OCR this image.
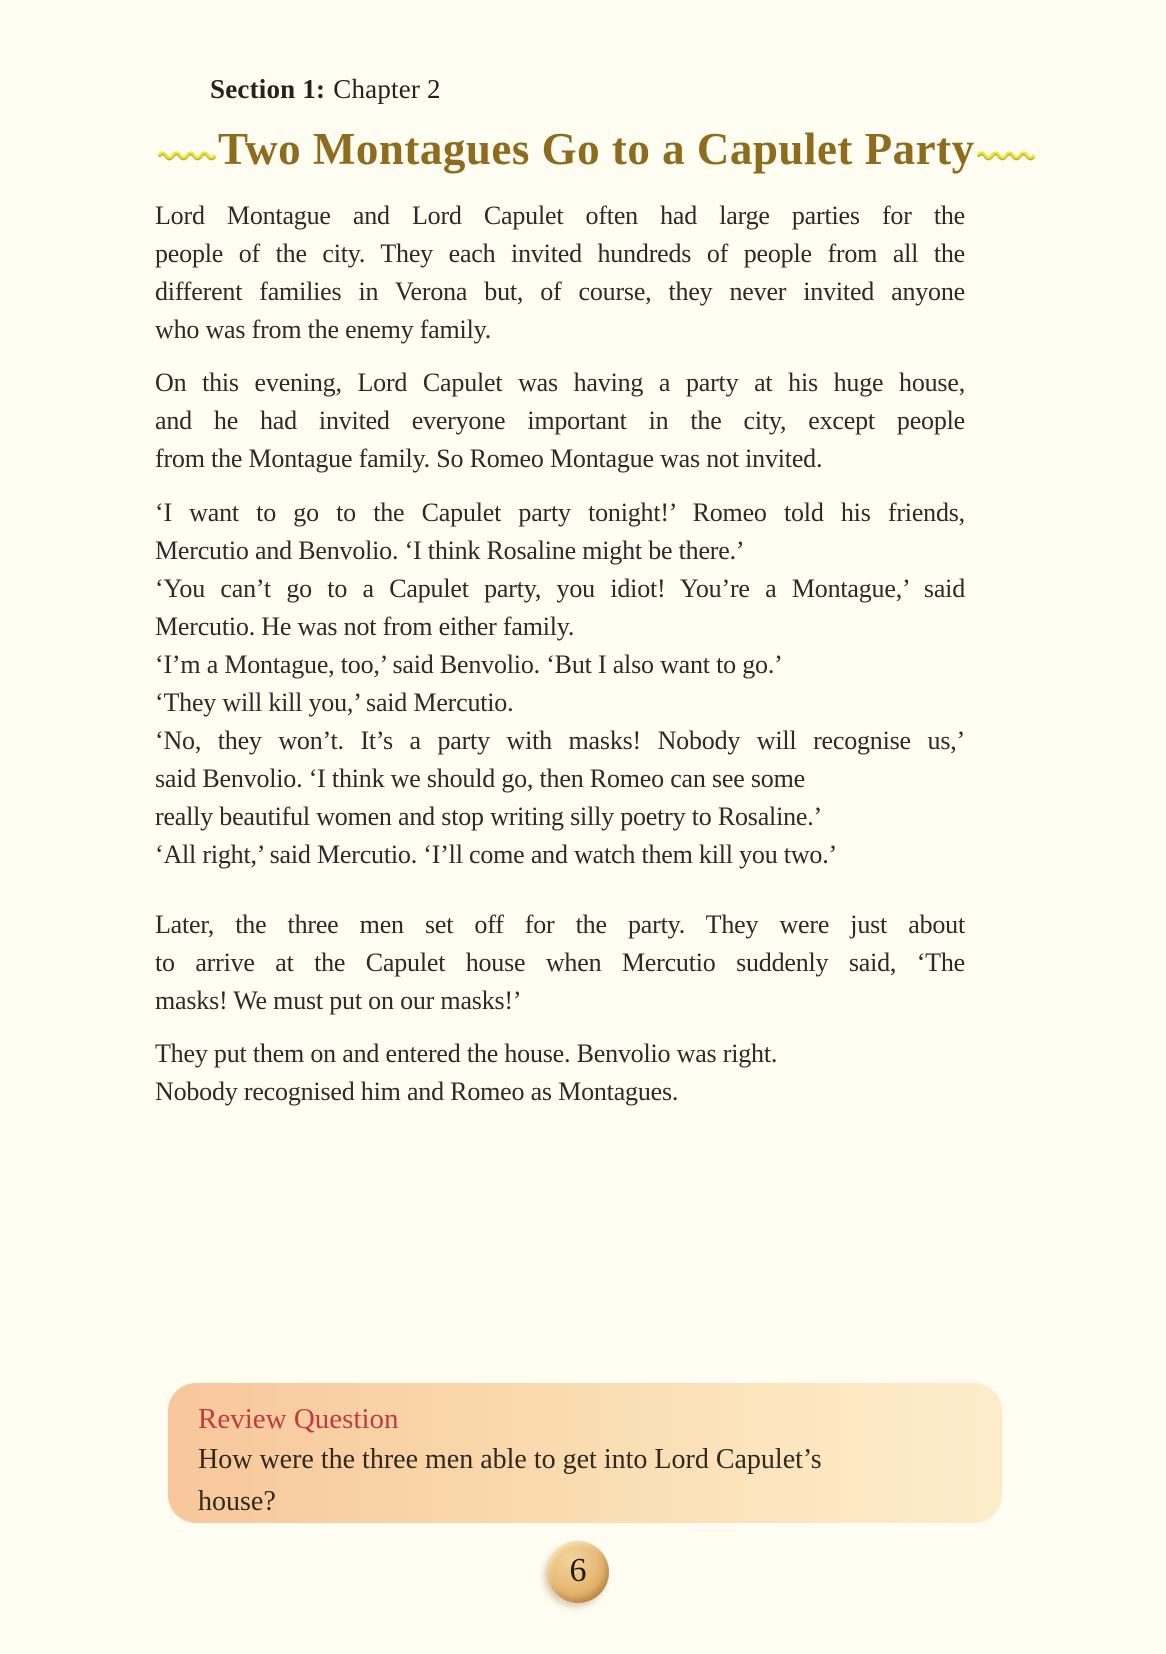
Section 1: Chapter 2
Two Montagues Go to a Capulet Party
Lord Montague and Lord Capulet often had large parties for the
people of the city. They each invited hundreds of people from all the
different families in Verona but, of course, they never invited anyone
who was from the enemy family.
On this evening, Lord Capulet was having a party at his huge house,
and he had invited everyone important in the city, except people
from the Montague family. So Romeo Montague was not invited.
‘I want to go to the Capulet party tonight!’ Romeo told his friends,
Mercutio and Benvolio. ‘I think Rosaline might be there.’
‘You can’t go to a Capulet party, you idiot! You’re a Montague,’ said
Mercutio. He was not from either family.
‘I’m a Montague, too,’ said Benvolio. ‘But I also want to go.’
‘They will kill you,’ said Mercutio.
‘No, they won’t. It’s a party with masks! Nobody will recognise us,’
said Benvolio. ‘I think we should go, then Romeo can see some
really beautiful women and stop writing silly poetry to Rosaline.’
‘All right,’ said Mercutio. ‘I’ll come and watch them kill you two.’
Later, the three men set off for the party. They were just about
to arrive at the Capulet house when Mercutio suddenly said, ‘The
masks! We must put on our masks!’
They put them on and entered the house. Benvolio was right.
Nobody recognised him and Romeo as Montagues.
Review Question
How were the three men able to get into Lord Capulet’s
house?
6
